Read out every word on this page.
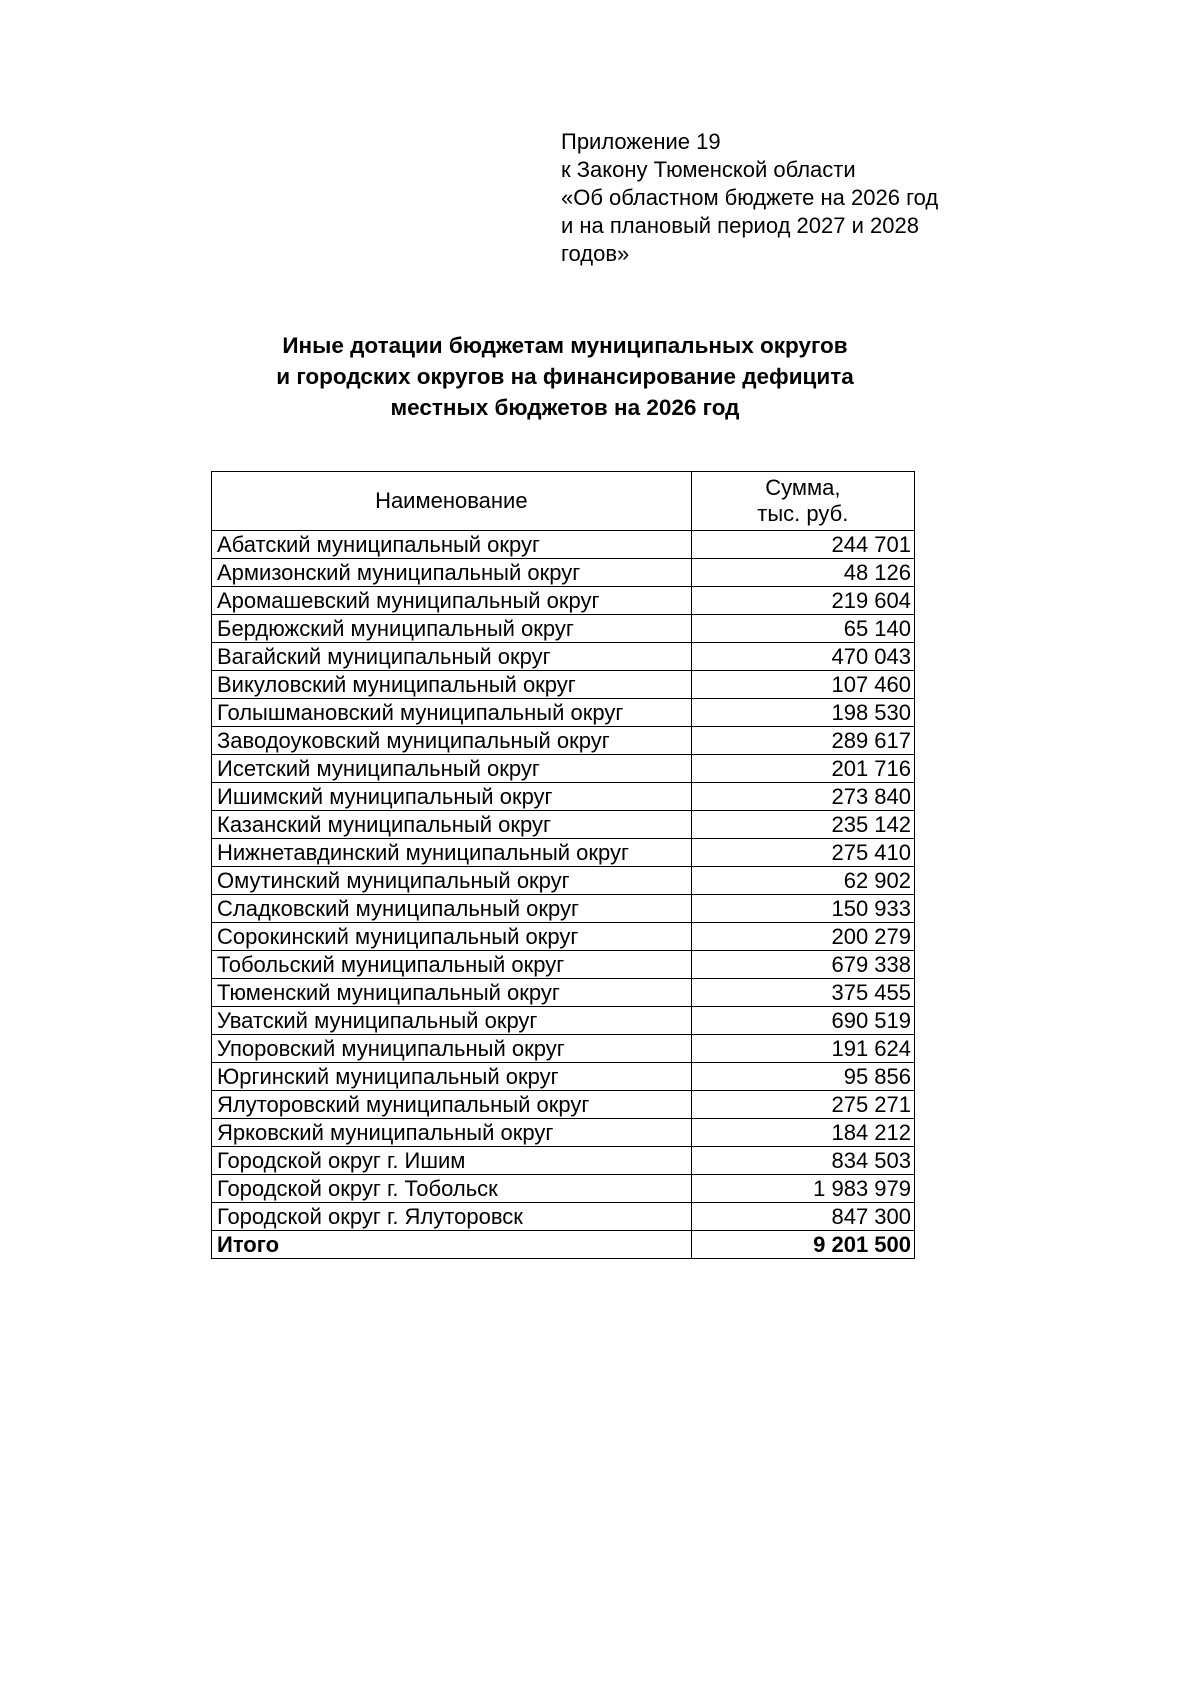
Приложение 19
к Закону Тюменской области
«Об областном бюджете на 2026 год
и на плановый период 2027 и 2028
годов»
Иные дотации бюджетам муниципальных округов
и городских округов на финансирование дефицита
местных бюджетов на 2026 год
Наименование	Сумма,
тыс. руб.

Абатский муниципальный округ	244 701
Армизонский муниципальный округ	48 126
Аромашевский муниципальный округ	219 604
Бердюжский муниципальный округ	65 140
Вагайский муниципальный округ	470 043
Викуловский муниципальный округ	107 460
Голышмановский муниципальный округ	198 530
Заводоуковский муниципальный округ	289 617
Исетский муниципальный округ	201 716
Ишимский муниципальный округ	273 840
Казанский муниципальный округ	235 142
Нижнетавдинский муниципальный округ	275 410
Омутинский муниципальный округ	62 902
Сладковский муниципальный округ	150 933
Сорокинский муниципальный округ	200 279
Тобольский муниципальный округ	679 338
Тюменский муниципальный округ	375 455
Уватский муниципальный округ	690 519
Упоровский муниципальный округ	191 624
Юргинский муниципальный округ	95 856
Ялуторовский муниципальный округ	275 271
Ярковский муниципальный округ	184 212
Городской округ г. Ишим	834 503
Городской округ г. Тобольск	1 983 979
Городской округ г. Ялуторовск	847 300
Итого	9 201 500
